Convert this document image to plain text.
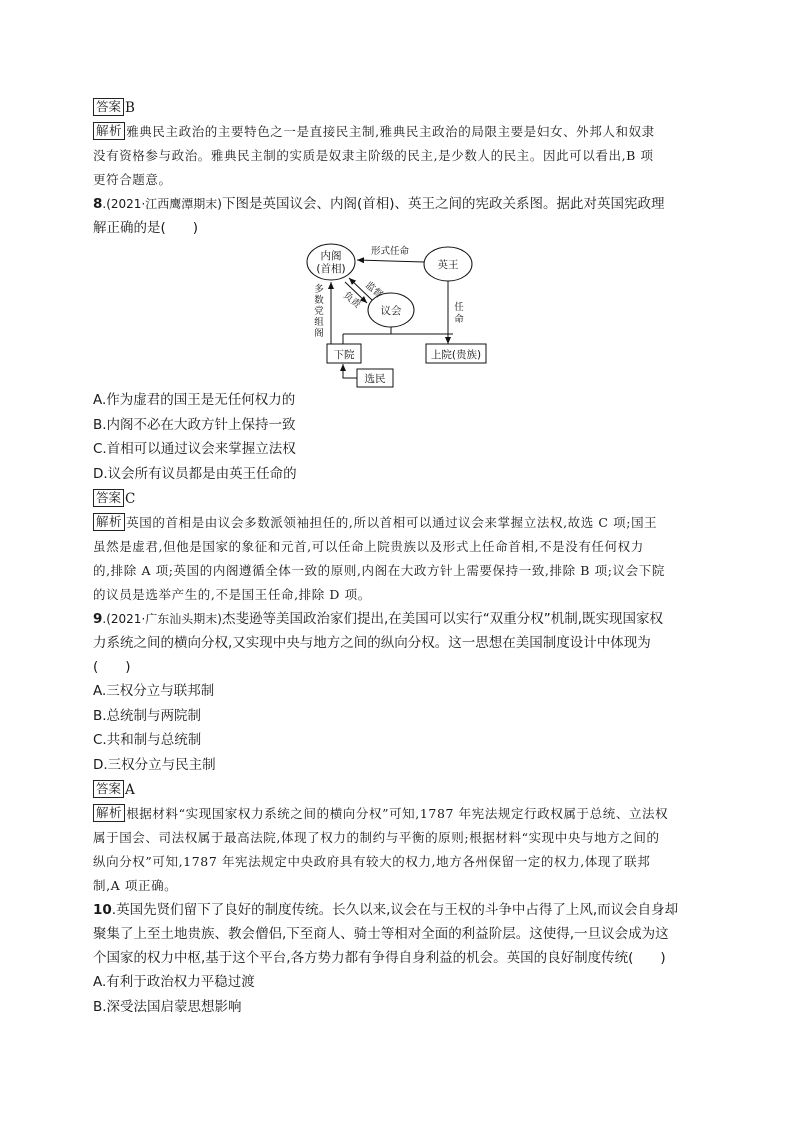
答案 B
解析 雅典民主政治的主要特色之一是直接民主制,雅典民主政治的局限主要是妇女、外邦人和奴隶
没有资格参与政治。雅典民主制的实质是奴隶主阶级的民主,是少数人的民主。因此可以看出,B 项
更符合题意。
8.(2021·江西鹰潭期末)下图是英国议会、内阁(首相)、英王之间的宪政关系图。据此对英国宪政理
解正确的是(　　)
内阁
(首相)	英王
议会
形式任命
监督
负责
多
数
党
组
阁
任
命
下院	上院(贵族)
选民
A.作为虚君的国王是无任何权力的
B.内阁不必在大政方针上保持一致
C.首相可以通过议会来掌握立法权
D.议会所有议员都是由英王任命的
答案 C
解析 英国的首相是由议会多数派领袖担任的,所以首相可以通过议会来掌握立法权,故选 C 项;国王
虽然是虚君,但他是国家的象征和元首,可以任命上院贵族以及形式上任命首相,不是没有任何权力
的,排除 A 项;英国的内阁遵循全体一致的原则,内阁在大政方针上需要保持一致,排除 B 项;议会下院
的议员是选举产生的,不是国王任命,排除 D 项。
9.(2021·广东汕头期末)杰斐逊等美国政治家们提出,在美国可以实行“双重分权”机制,既实现国家权
力系统之间的横向分权,又实现中央与地方之间的纵向分权。这一思想在美国制度设计中体现为
(　　)
A.三权分立与联邦制
B.总统制与两院制
C.共和制与总统制
D.三权分立与民主制
答案 A
解析 根据材料“实现国家权力系统之间的横向分权”可知,1787 年宪法规定行政权属于总统、立法权
属于国会、司法权属于最高法院,体现了权力的制约与平衡的原则;根据材料“实现中央与地方之间的
纵向分权”可知,1787 年宪法规定中央政府具有较大的权力,地方各州保留一定的权力,体现了联邦
制,A 项正确。
10.英国先贤们留下了良好的制度传统。长久以来,议会在与王权的斗争中占得了上风,而议会自身却
聚集了上至土地贵族、教会僧侣,下至商人、骑士等相对全面的利益阶层。这使得,一旦议会成为这
个国家的权力中枢,基于这个平台,各方势力都有争得自身利益的机会。英国的良好制度传统(　　)
A.有利于政治权力平稳过渡
B.深受法国启蒙思想影响
